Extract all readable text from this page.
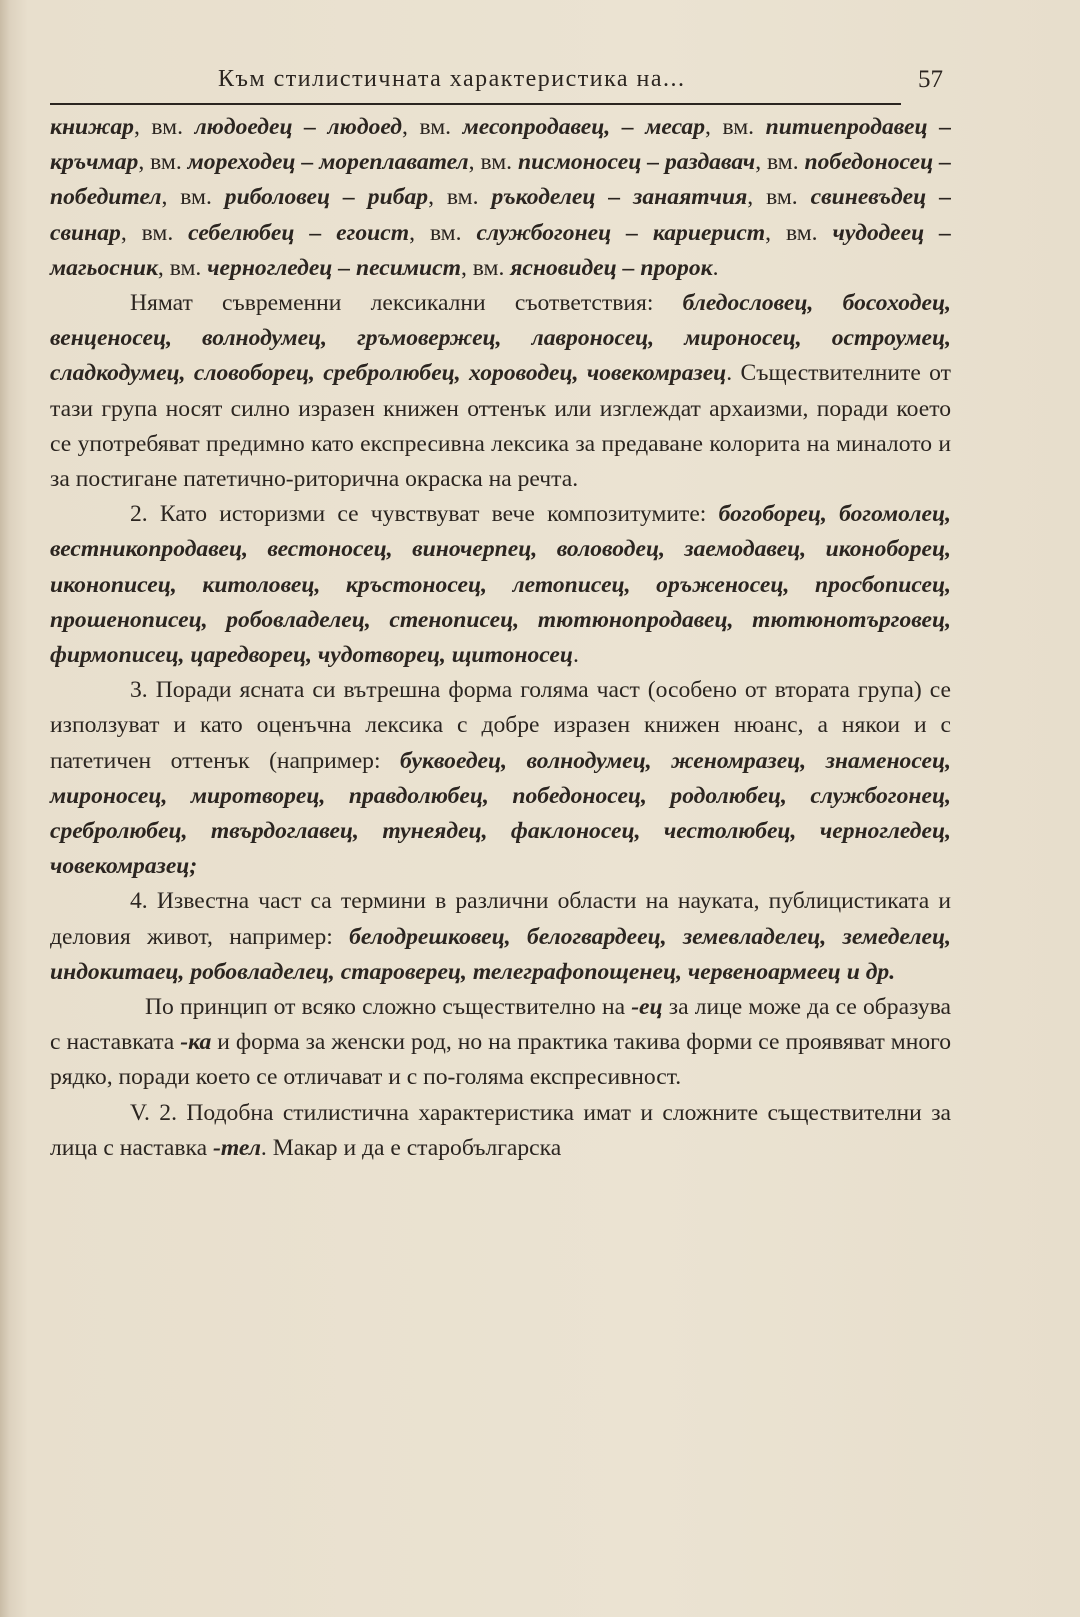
Към стилистичната характеристика на...	57

книжар, вм. людоедец – людоед, вм. месопродавец, – месар, вм. питиепродавец – кръчмар, вм. мореходец – мореплавател, вм. писмоносец – раздавач, вм. победоносец – победител, вм. риболовец – рибар, вм. ръкоделец – занаятчия, вм. свиневъдец – свинар, вм. себелюбец – егоист, вм. службогонец – кариерист, вм. чудодеец – магьосник, вм. черногледец – песимист, вм. ясновидец – пророк.

Нямат съвременни лексикални съответствия: бледословец, босоходец, венценосец, волнодумец, гръмовержец, лавроносец, мироносец, остроумец, сладкодумец, словоборец, сребролюбец, хороводец, човекомразец. Съществителните от тази група носят силно изразен книжен оттенък или изглеждат архаизми, поради което се употребяват предимно като експресивна лексика за предаване колорита на миналото и за постигане патетично-риторична окраска на речта.

2. Като историзми се чувствуват вече композитумите: богоборец, богомолец, вестникопродавец, вестоносец, виночерпец, воловодец, заемодавец, иконоборец, иконописец, китоловец, кръстоносец, летописец, оръженосец, просбописец, прошенописец, робовладелец, стенописец, тютюнопродавец, тютюнотърговец, фирмописец, царедворец, чудотворец, щитоносец.

3. Поради ясната си вътрешна форма голяма част (особено от втората група) се използуват и като оценъчна лексика с добре изразен книжен нюанс, а някои и с патетичен оттенък (например: буквоедец, волнодумец, женомразец, знаменосец, мироносец, миротворец, правдолюбец, победоносец, родолюбец, службогонец, сребролюбец, твърдоглавец, тунеядец, факлоносец, честолюбец, черногледец, човекомразец;

4. Известна част са термини в различни области на науката, публицистиката и деловия живот, например: белодрешковец, белогвардеец, земевладелец, земеделец, индокитаец, робовладелец, староверец, телеграфопощенец, червеноармеец и др.

По принцип от всяко сложно съществително на -ец за лице може да се образува с наставката -ка и форма за женски род, но на практика такива форми се проявяват много рядко, поради което се отличават и с по-голяма експресивност.

V. 2. Подобна стилистична характеристика имат и сложните съществителни за лица с наставка -тел. Макар и да е старобългарска
